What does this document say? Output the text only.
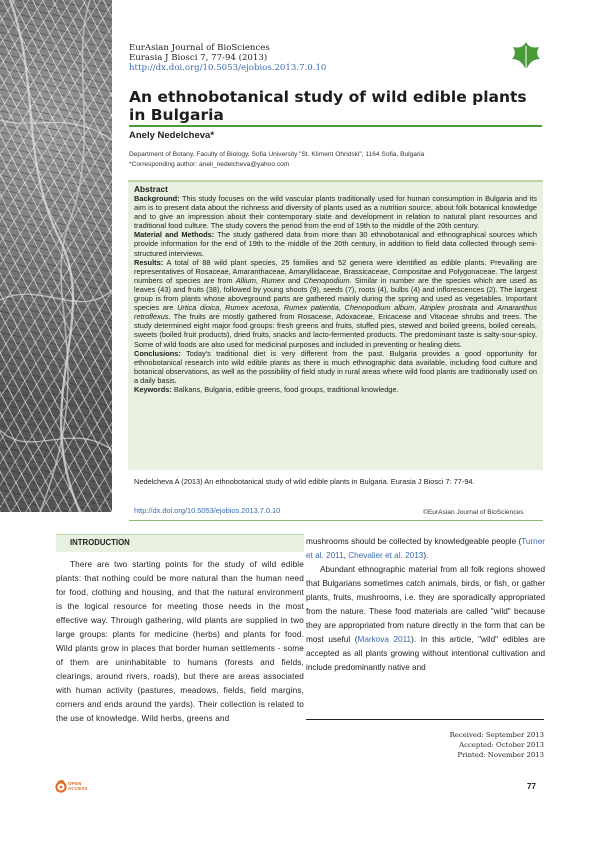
EurAsian Journal of BioSciences
Eurasia J Biosci 7, 77-94 (2013)
http://dx.doi.org/10.5053/ejobios.2013.7.0.10
An ethnobotanical study of wild edible plants in Bulgaria
Anely Nedelcheva*
Department of Botany, Faculty of Biology, Sofia University "St. Kliment Ohridski", 1164 Sofia, Bulgaria
*Corresponding author: aneli_nedelcheva@yahoo.com
Abstract

Background: This study focuses on the wild vascular plants traditionally used for human consumption in Bulgaria and its aim is to present data about the richness and diversity of plants used as a nutrition source, about folk botanical knowledge and to give an impression about their contemporary state and development in relation to natural plant resources and traditional food culture. The study covers the period from the end of 19th to the middle of the 20th century.

Material and Methods: The study gathered data from more than 30 ethnobotanical and ethnographical sources which provide information for the end of 19th to the middle of the 20th century, in addition to field data collected through semi-structured interviews.

Results: A total of 88 wild plant species, 25 families and 52 genera were identified as edible plants. Prevailing are representatives of Rosaceae, Amaranthaceae, Amaryllidaceae, Brassicaceae, Compositae and Polygonaceae. The largest numbers of species are from Allium, Rumex and Chenopodium. Similar in number are the species which are used as leaves (43) and fruits (38), followed by young shoots (9), seeds (7), roots (4), bulbs (4) and inflorescences (2). The largest group is from plants whose aboveground parts are gathered mainly during the spring and used as vegetables. Important species are Urtica dioica, Rumex acetosa, Rumex patientia, Chenopodium album, Atriplex prostrata and Amaranthus retroflexus. The fruits are mostly gathered from Rosaceae, Adoxaceae, Ericaceae and Vitaceae shrubs and trees. The study determined eight major food groups: fresh greens and fruits, stuffed pies, stewed and boiled greens, boiled cereals, sweets (boiled fruit products), dried fruits, snacks and lacto-fermented products. The predominant taste is salty-sour-spicy. Some of wild foods are also used for medicinal purposes and included in preventing or healing diets.

Conclusions: Today's traditional diet is very different from the past. Bulgaria provides a good opportunity for ethnobotanical research into wild edible plants as there is much ethnographic data available, including food culture and botanical observations, as well as the possibility of field study in rural areas where wild food plants are traditionally used on a daily basis.

Keywords: Balkans, Bulgaria, edible greens, food groups, traditional knowledge.

Nedelcheva A (2013) An ethnobotanical study of wild edible plants in Bulgaria. Eurasia J Biosci 7: 77-94.
http://dx.doi.org/10.5053/ejobios.2013.7.0.10	©EurAsian Journal of BioSciences
INTRODUCTION
There are two starting points for the study of wild edible plants: that nothing could be more natural than the human need for food, clothing and housing, and that the natural environment is the logical resource for meeting those needs in the most effective way. Through gathering, wild plants are supplied in two large groups: plants for medicine (herbs) and plants for food. Wild plants grow in places that border human settlements - some of them are uninhabitable to humans (forests and fields, clearings, around rivers, roads), but there are areas associated with human activity (pastures, meadows, fields, field margins, corners and ends around the yards). Their collection is related to the use of knowledge. Wild herbs, greens and

mushrooms should be collected by knowledgeable people (Turner et al. 2011, Chevalier et al. 2013).

Abundant ethnographic material from all folk regions showed that Bulgarians sometimes catch animals, birds, or fish, or gather plants, fruits, mushrooms, i.e. they are sporadically appropriated from the nature. These food materials are called "wild" because they are appropriated from nature directly in the form that can be most useful (Markova 2011). In this article, "wild" edibles are accepted as all plants growing without intentional cultivation and include predominantly native and

Received: September 2013
Accepted: October 2013
Printed: November 2013
OPEN ACCESS	77
